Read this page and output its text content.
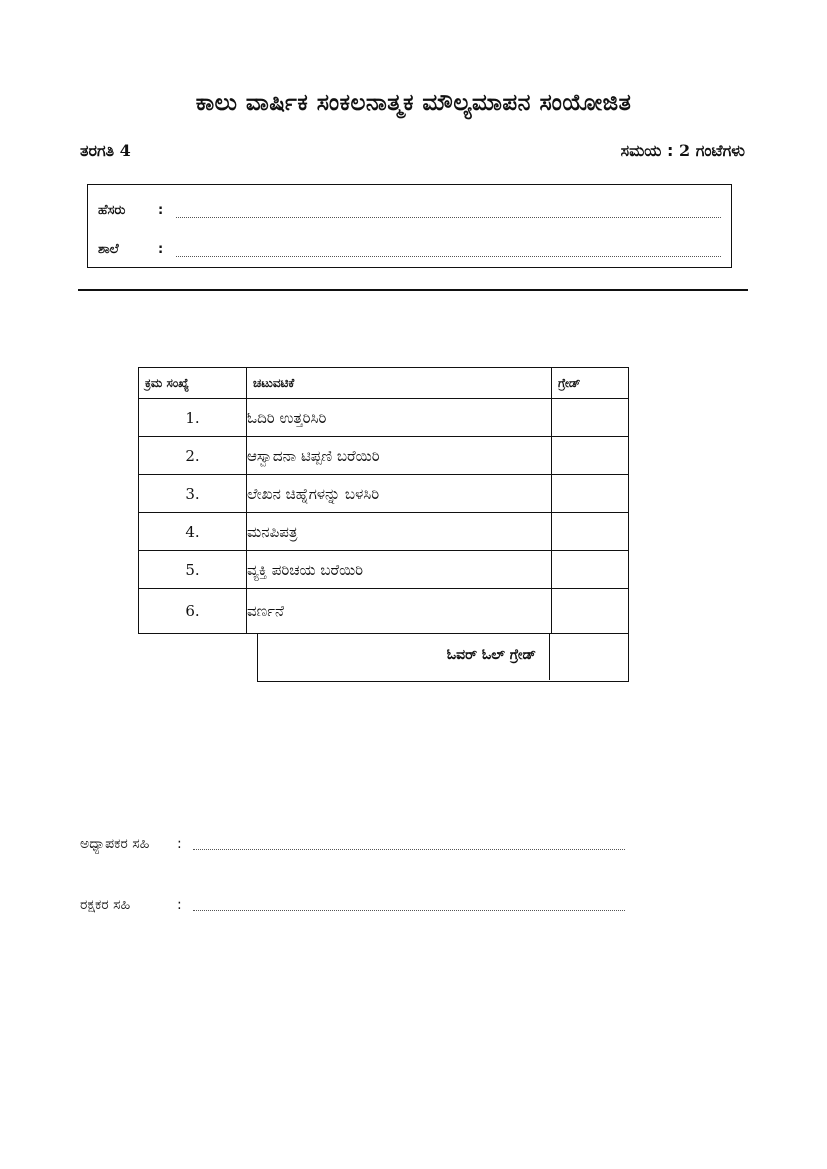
ಕಾಲು ವಾರ್ಷಿಕ ಸಂಕಲನಾತ್ಮಕ ಮೌಲ್ಯಮಾಪನ ಸಂಯೋಜಿತ
ತರಗತಿ 4	ಸಮಯ : 2 ಗಂಟೆಗಳು
ಹೆಸರು	:
ಶಾಲೆ	:
ಕ್ರಮ ಸಂಖ್ಯೆ	ಚಟುವಟಿಕೆ	ಗ್ರೇಡ್
1.	ಓದಿರಿ ಉತ್ತರಿಸಿರಿ	
2.	ಆಸ್ವಾದನಾ ಟಿಪ್ಪಣಿ ಬರೆಯಿರಿ	
3.	ಲೇಖನ ಚಿಹ್ನೆಗಳನ್ನು ಬಳಸಿರಿ	
4.	ಮನಪಿಪತ್ರ	
5.	ವ್ಯಕ್ತಿ ಪರಿಚಯ ಬರೆಯಿರಿ	
6.	ವರ್ಣನೆ	
ಓವರ್ ಓಲ್ ಗ್ರೇಡ್
ಅಧ್ಯಾಪಕರ ಸಹಿ :
ರಕ್ಷಕರ ಸಹಿ	:
